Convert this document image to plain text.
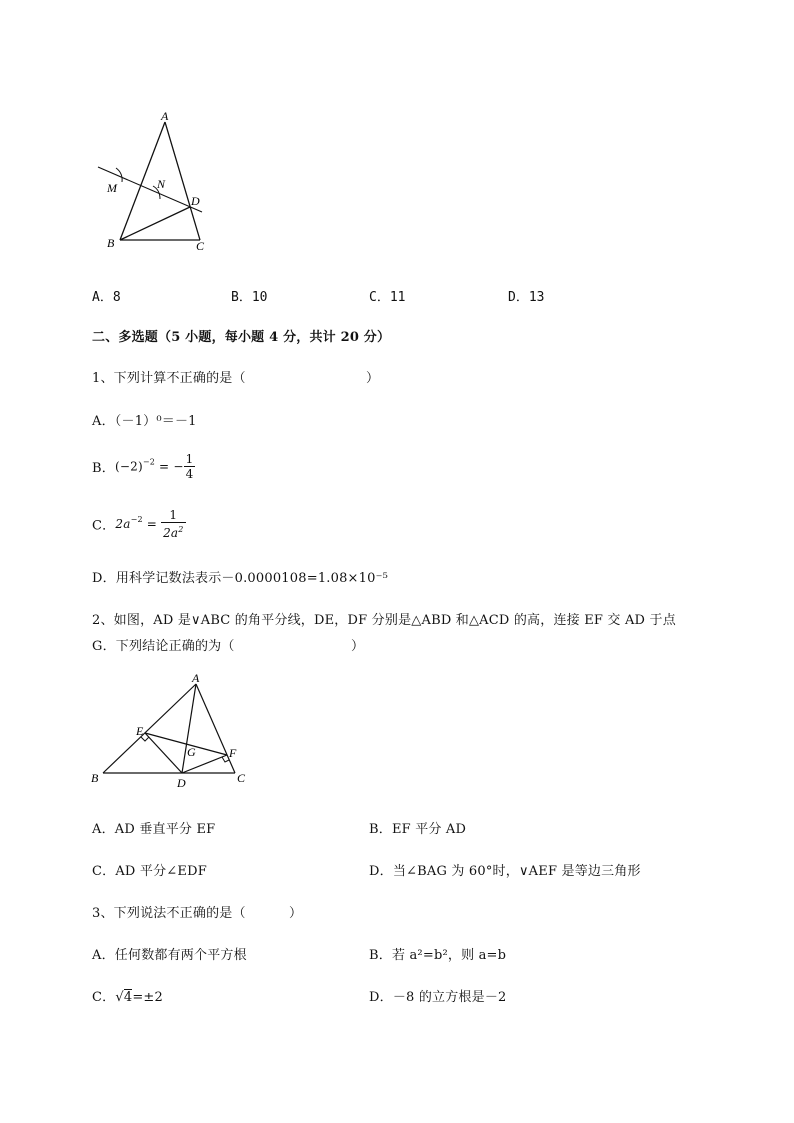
A
M	N
D
B	C
A．8	B．10	C．11	D．13
二、多选题（5 小题，每小题 4 分，共计 20 分）
1、下列计算不正确的是（	）
A．（－1）⁰＝－1
B．$(-2)^{-2}$ = − $\frac{1}{4}$
C．$2a^{-2} = \frac{1}{2a^2}$
D．用科学记数法表示－0.0000108=1.08×10⁻⁵
2、如图，AD 是∨ABC 的角平分线，DE，DF 分别是△ABD 和△ACD 的高，连接 EF 交 AD 于点
G．下列结论正确的为（	）
A
E
G	F
B	D	C
A．AD 垂直平分 EF	B．EF 平分 AD
C．AD 平分∠EDF	D．当∠BAG 为 60°时，∨AEF 是等边三角形
3、下列说法不正确的是（	）
A．任何数都有两个平方根	B．若 a²=b²，则 a=b
C．√4=±2	D．－8 的立方根是－2
